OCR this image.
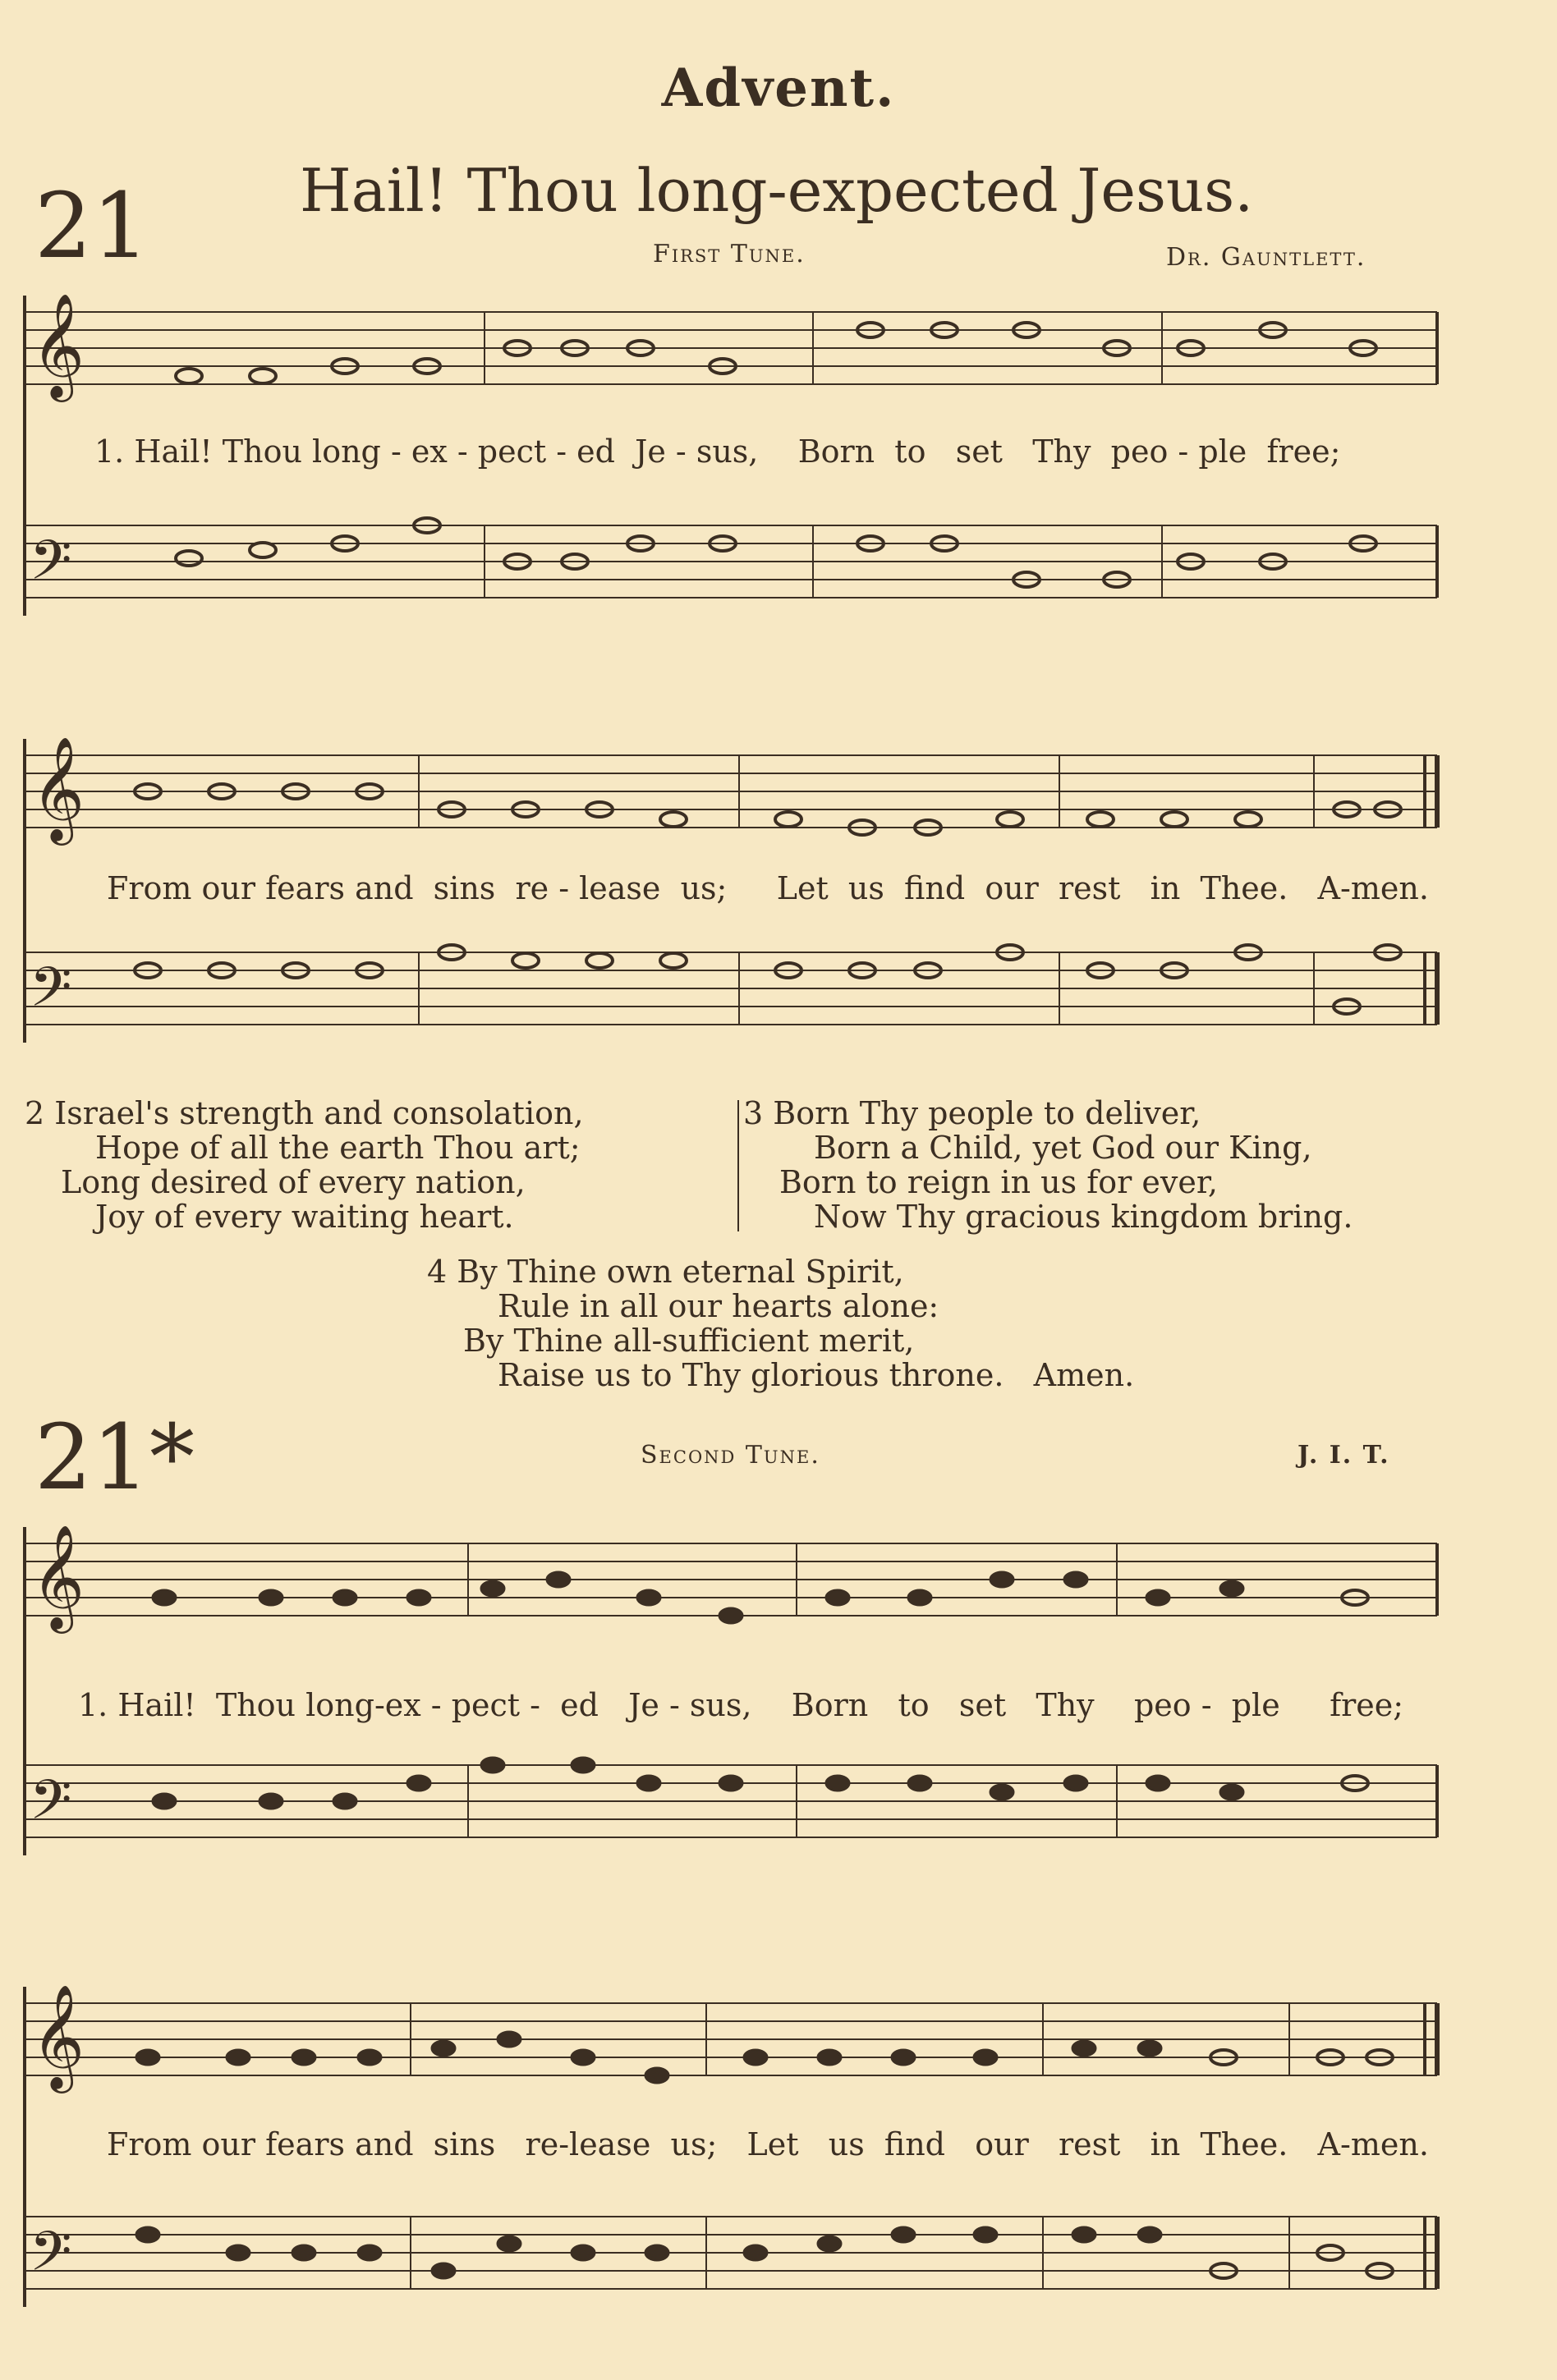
Advent.
21	Hail! Thou long-expected Jesus.
First Tune.	Dr. Gauntlett.
𝄞
𝄢
1. Hail! Thou long - ex - pect - ed  Je - sus,    Born  to   set   Thy  peo - ple  free;
𝄞
𝄢
From our fears and  sins  re - lease  us;     Let  us  find  our  rest   in  Thee.   A-men.
2 Israel's strength and consolation,
Hope of all the earth Thou art;
Long desired of every nation,
Joy of every waiting heart.
3 Born Thy people to deliver,
Born a Child, yet God our King,
Born to reign in us for ever,
Now Thy gracious kingdom bring.
4 By Thine own eternal Spirit,
Rule in all our hearts alone:
By Thine all-sufficient merit,
Raise us to Thy glorious throne.   Amen.
21*	Second Tune.	J. I. T.
𝄞
𝄢
1. Hail!  Thou long-ex - pect -  ed   Je - sus,    Born   to   set   Thy    peo -  ple     free;
𝄞
𝄢
From our fears and  sins   re-lease  us;   Let   us  find   our   rest   in  Thee.   A-men.
